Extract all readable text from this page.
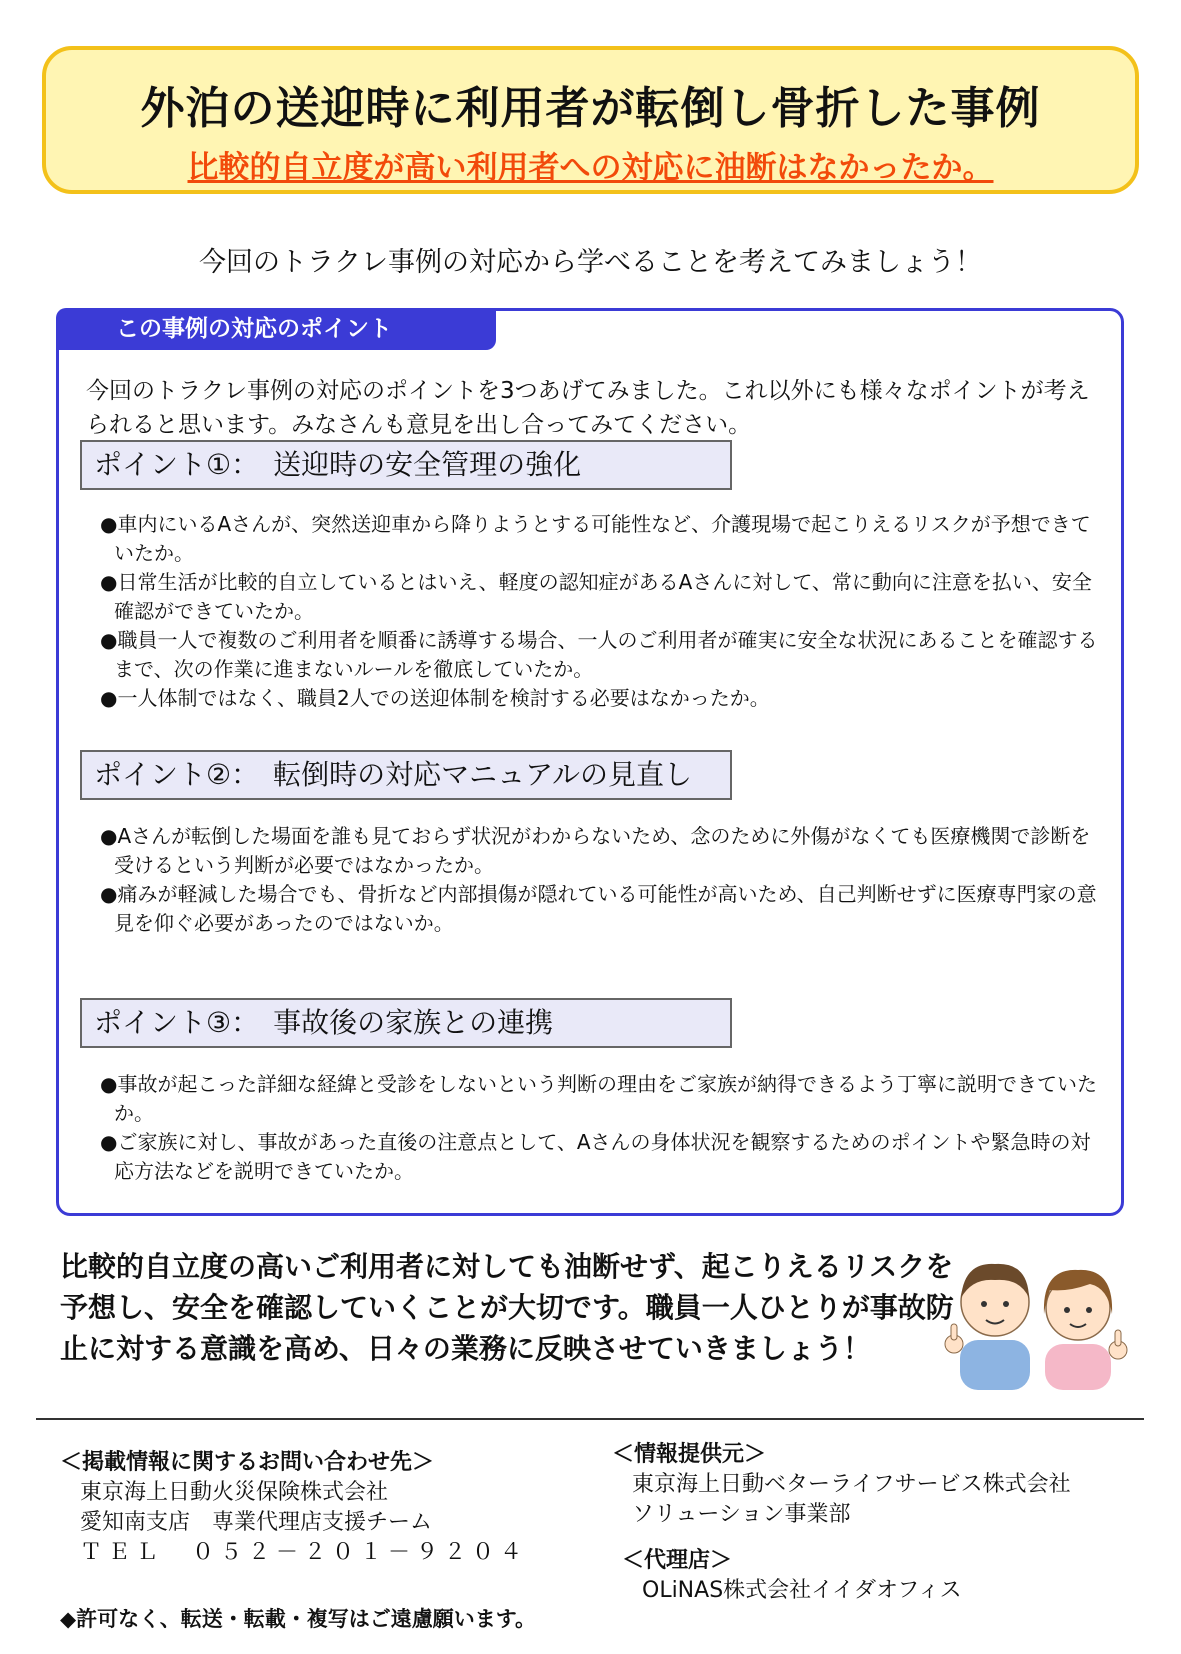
外泊の送迎時に利用者が転倒し骨折した事例
比較的自立度が高い利用者への対応に油断はなかったか。
今回のトラクレ事例の対応から学べることを考えてみましょう！
この事例の対応のポイント
今回のトラクレ事例の対応のポイントを3つあげてみました。これ以外にも様々なポイントが考えられると思います。みなさんも意見を出し合ってみてください。
ポイント①：　送迎時の安全管理の強化
●車内にいるAさんが、突然送迎車から降りようとする可能性など、介護現場で起こりえるリスクが予想できていたか。
●日常生活が比較的自立しているとはいえ、軽度の認知症があるAさんに対して、常に動向に注意を払い、安全確認ができていたか。
●職員一人で複数のご利用者を順番に誘導する場合、一人のご利用者が確実に安全な状況にあることを確認するまで、次の作業に進まないルールを徹底していたか。
●一人体制ではなく、職員2人での送迎体制を検討する必要はなかったか。
ポイント②：　転倒時の対応マニュアルの見直し
●Aさんが転倒した場面を誰も見ておらず状況がわからないため、念のために外傷がなくても医療機関で診断を受けるという判断が必要ではなかったか。
●痛みが軽減した場合でも、骨折など内部損傷が隠れている可能性が高いため、自己判断せずに医療専門家の意見を仰ぐ必要があったのではないか。
ポイント③：　事故後の家族との連携
●事故が起こった詳細な経緯と受診をしないという判断の理由をご家族が納得できるよう丁寧に説明できていたか。
●ご家族に対し、事故があった直後の注意点として、Aさんの身体状況を観察するためのポイントや緊急時の対応方法などを説明できていたか。
比較的自立度の高いご利用者に対しても油断せず、起こりえるリスクを予想し、安全を確認していくことが大切です。職員一人ひとりが事故防止に対する意識を高め、日々の業務に反映させていきましょう！
＜掲載情報に関するお問い合わせ先＞
東京海上日動火災保険株式会社
愛知南支店　専業代理店支援チーム
ＴＥＬ　０５２－２０１－９２０４
＜情報提供元＞
東京海上日動ベターライフサービス株式会社
ソリューション事業部
＜代理店＞
OLiNAS株式会社イイダオフィス
◆許可なく、転送・転載・複写はご遠慮願います。
